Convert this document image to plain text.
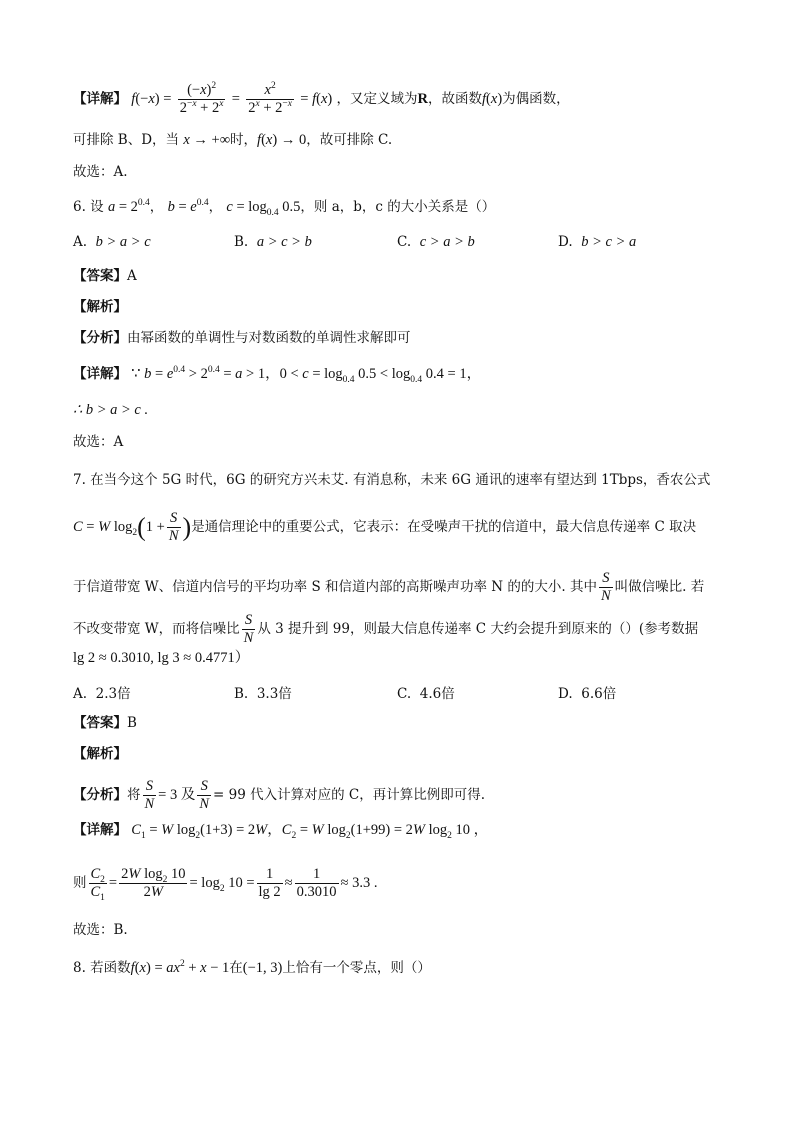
【详解】 $f(-x) = \frac{(-x)^2}{2^{-x} + 2^x} = \frac{x^2}{2^x + 2^{-x}} = f(x)$ ，又定义域为R，故函数f(x)为偶函数，
可排除 B、D，当 x → +∞时，f(x) → 0，故可排除 C.
故选：A.
6. 设 $a = 2^{0.4}$， $b = e^{0.4}$， $c = \log_{0.4} 0.5$，则 a，b，c 的大小关系是（）
A. b > a > c	B. a > c > b	C. c > a > b	D. b > c > a
【答案】A
【解析】
【分析】由幂函数的单调性与对数函数的单调性求解即可
【详解】 ∵ $b = e^{0.4} > 2^{0.4} = a > 1$，$0 < c = \log_{0.4} 0.5 < \log_{0.4} 0.4 = 1$，
∴ b > a > c .
故选：A
7. 在当今这个 5G 时代，6G 的研究方兴未艾. 有消息称，未来 6G 通讯的速率有望达到 1Tbps，香农公式
C = W $\log_2(1 + \frac{S}{N}$ )是通信理论中的重要公式，它表示：在受噪声干扰的信道中，最大信息传递率 C 取决
于信道带宽 W、信道内信号的平均功率 S 和信道内部的高斯噪声功率 N 的的大小. 其中 $\frac{S}{N}$ 叫做信噪比. 若
不改变带宽 W，而将信噪比 $\frac{S}{N}$ 从 3 提升到 99，则最大信息传递率 C 大约会提升到原来的（）(参考数据
lg 2 ≈ 0.3010, lg 3 ≈ 0.4771）
A. 2.3倍	B. 3.3倍	C. 4.6倍	D. 6.6倍
【答案】B
【解析】
【分析】将 $\frac{S}{N} = 3$ 及 $\frac{S}{N} = 99$ 代入计算对应的 C，再计算比例即可得.
【详解】 $C_1 = W$ $\log_2(1+3) = 2W$，$C_2 = W$ $\log_2(1+99) = 2W$ $\log_2 10$ ，
则 $\frac{C_2}{C_1} = \frac{2W \log_2 10}{2W} = \log_2 10 = \frac{1}{\lg 2} \approx \frac{1}{0.3010} \approx 3.3$ .
故选：B.
8. 若函数$f(x) = ax^2 + x - 1$在(−1, 3)上恰有一个零点，则（）
